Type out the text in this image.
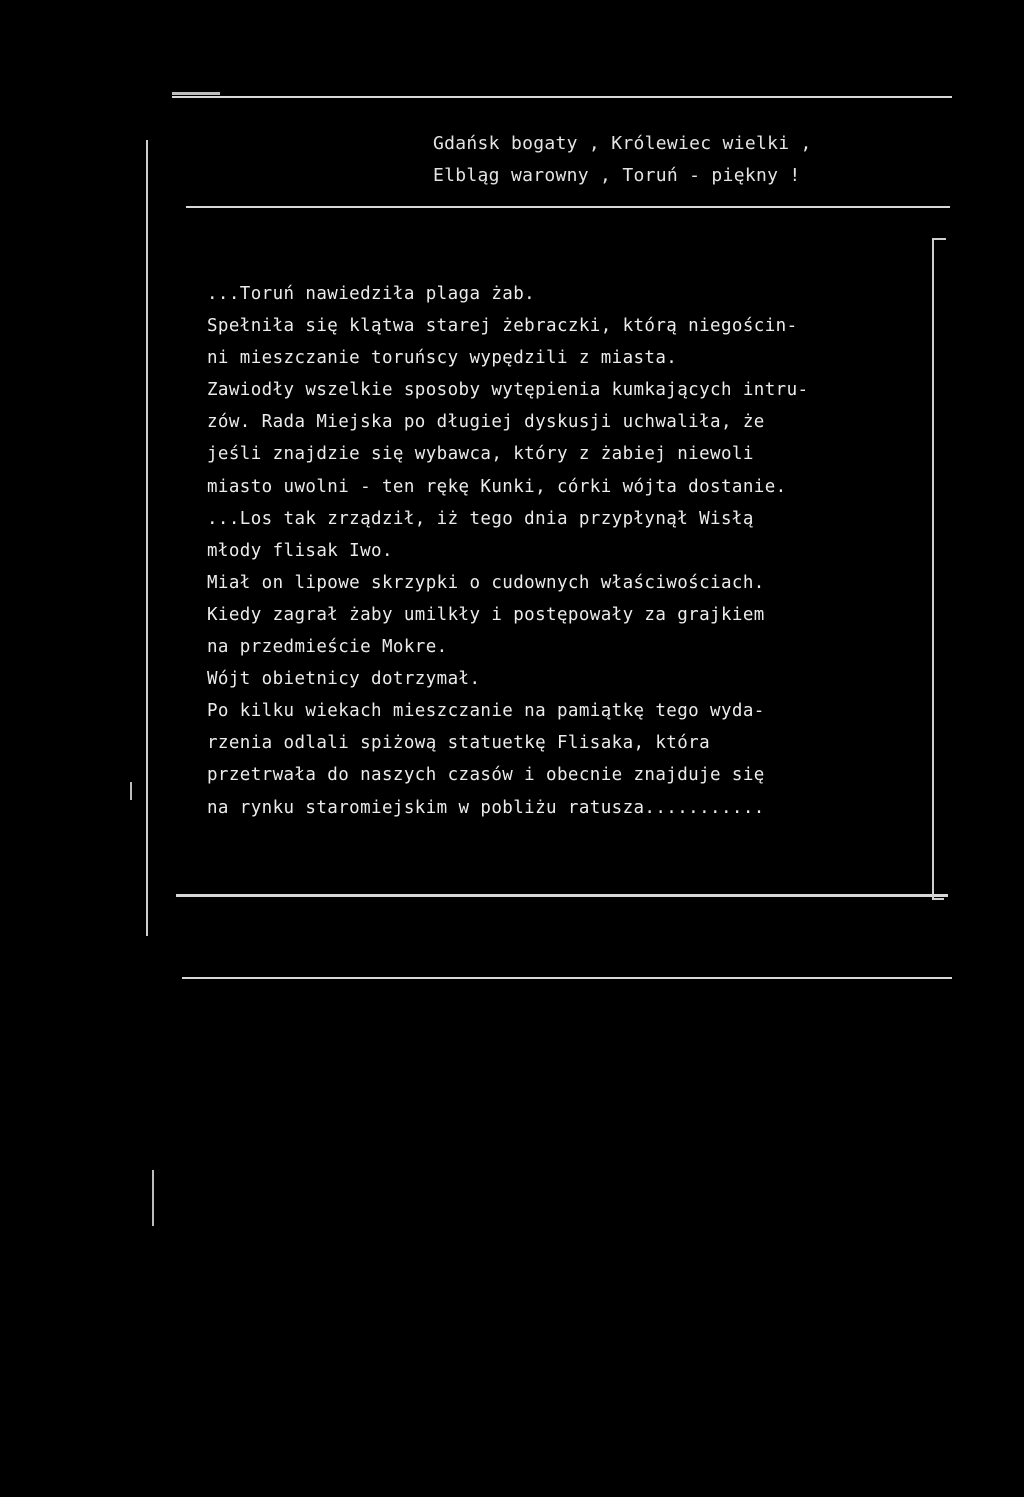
Gdańsk bogaty , Królewiec wielki ,
Elbląg warowny , Toruń - piękny !
...Toruń nawiedziła plaga żab.
Spełniła się klątwa starej żebraczki, którą niegościn-
ni mieszczanie toruńscy wypędzili z miasta.
Zawiodły wszelkie sposoby wytępienia kumkających intru-
zów. Rada Miejska po długiej dyskusji uchwaliła, że
jeśli znajdzie się wybawca, który z żabiej niewoli
miasto uwolni - ten rękę Kunki, córki wójta dostanie.
...Los tak zrządził, iż tego dnia przypłynął Wisłą
młody flisak Iwo.
Miał on lipowe skrzypki o cudownych właściwościach.
Kiedy zagrał żaby umilkły i postępowały za grajkiem
na przedmieście Mokre.
Wójt obietnicy dotrzymał.
Po kilku wiekach mieszczanie na pamiątkę tego wyda-
rzenia odlali spiżową statuetkę Flisaka, która
przetrwała do naszych czasów i obecnie znajduje się
na rynku staromiejskim w pobliżu ratusza...........
